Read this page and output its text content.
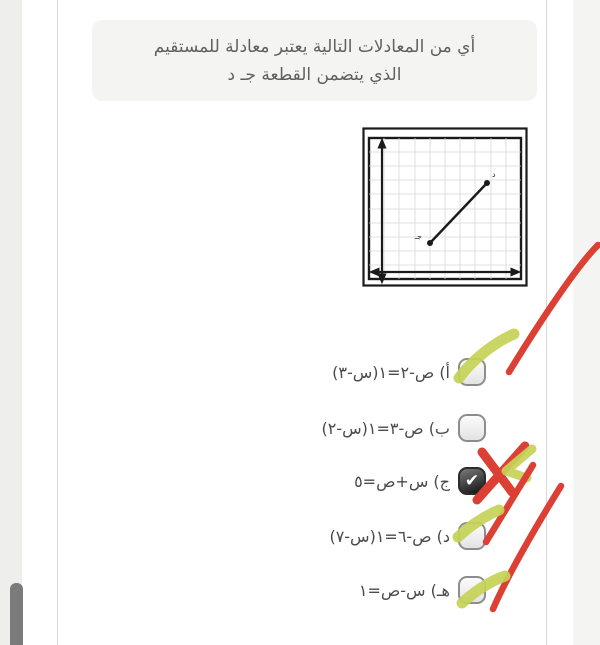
أي من المعادلات التالية يعتبر معادلة للمستقيم
الذي يتضمن القطعة جـ د
جـ
د
أ) ص-٢=١(س-٣)
ب) ص-٣=١(س-٢)
✔
ج) س+ص=٥
د) ص-٦=١(س-٧)
هـ) س-ص=١
